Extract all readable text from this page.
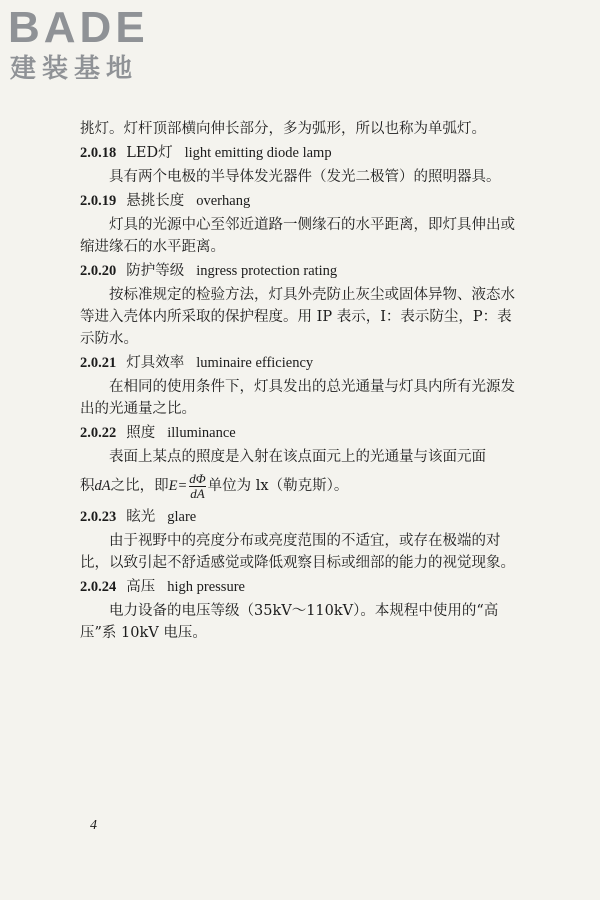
BADE
建装基地

挑灯。灯杆顶部横向伸长部分，多为弧形，所以也称为单弧灯。

2.0.18 LED灯 light emitting diode lamp

具有两个电极的半导体发光器件（发光二极管）的照明器具。

2.0.19 悬挑长度 overhang

灯具的光源中心至邻近道路一侧缘石的水平距离，即灯具伸出或缩进缘石的水平距离。

2.0.20 防护等级 ingress protection rating

按标准规定的检验方法，灯具外壳防止灰尘或固体异物、液态水等进入壳体内所采取的保护程度。用 IP 表示，I：表示防尘，P：表示防水。

2.0.21 灯具效率 luminaire efficiency

在相同的使用条件下，灯具发出的总光通量与灯具内所有光源发出的光通量之比。

2.0.22 照度 illuminance

表面上某点的照度是入射在该点面元上的光通量与该面元面

积 dA 之比，即 $E= \frac{d\Phi}{dA}$ 单位为 lx（勒克斯）。

2.0.23 眩光 glare

由于视野中的亮度分布或亮度范围的不适宜，或存在极端的对比，以致引起不舒适感觉或降低观察目标或细部的能力的视觉现象。

2.0.24 高压 high pressure

电力设备的电压等级（35kV～110kV）。本规程中使用的“高压”系 10kV 电压。

4
